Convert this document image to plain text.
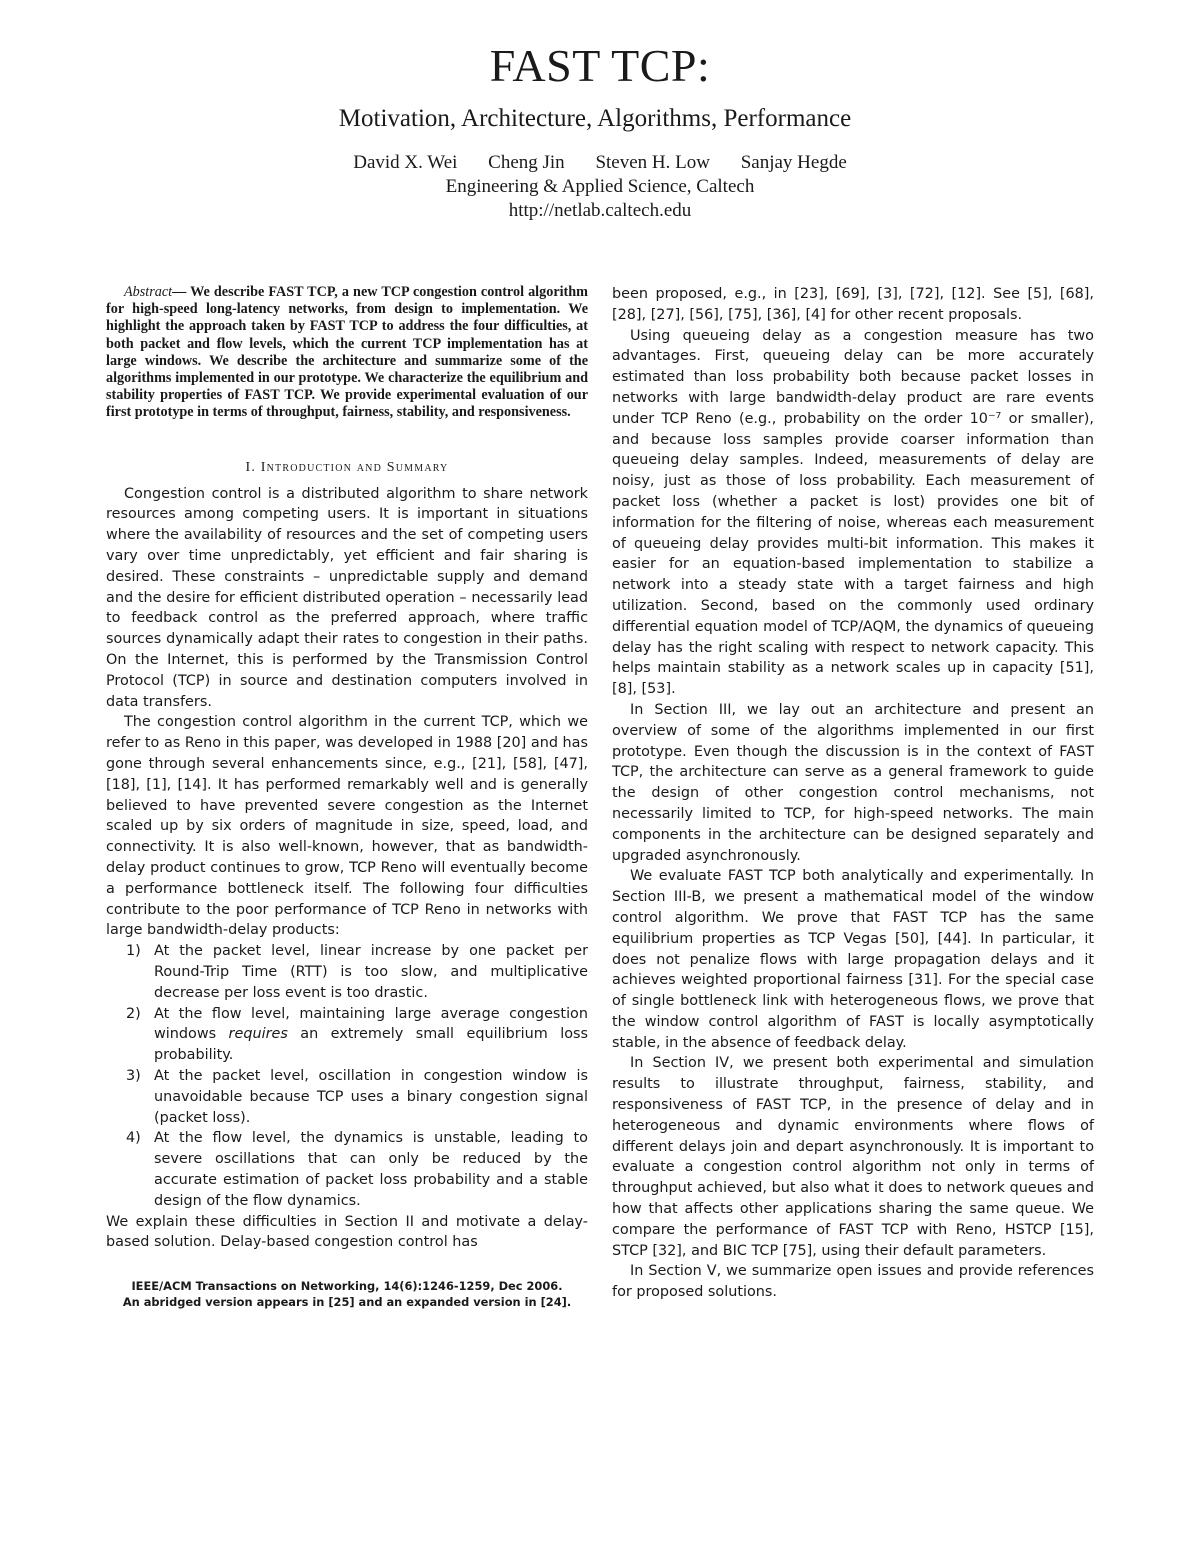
FAST TCP:
Motivation, Architecture, Algorithms, Performance
David X. Wei Cheng Jin Steven H. Low Sanjay Hegde
Engineering & Applied Science, Caltech
http://netlab.caltech.edu

Abstract— We describe FAST TCP, a new TCP congestion control algorithm for high-speed long-latency networks, from design to implementation. We highlight the approach taken by FAST TCP to address the four difficulties, at both packet and flow levels, which the current TCP implementation has at large windows. We describe the architecture and summarize some of the algorithms implemented in our prototype. We characterize the equilibrium and stability properties of FAST TCP. We provide experimental evaluation of our first prototype in terms of throughput, fairness, stability, and responsiveness.

I. Introduction and Summary

Congestion control is a distributed algorithm to share network resources among competing users. It is important in situations where the availability of resources and the set of competing users vary over time unpredictably, yet efficient and fair sharing is desired. These constraints – unpredictable supply and demand and the desire for efficient distributed operation – necessarily lead to feedback control as the preferred approach, where traffic sources dynamically adapt their rates to congestion in their paths. On the Internet, this is performed by the Transmission Control Protocol (TCP) in source and destination computers involved in data transfers.

The congestion control algorithm in the current TCP, which we refer to as Reno in this paper, was developed in 1988 [20] and has gone through several enhancements since, e.g., [21], [58], [47], [18], [1], [14]. It has performed remarkably well and is generally believed to have prevented severe congestion as the Internet scaled up by six orders of magnitude in size, speed, load, and connectivity. It is also well-known, however, that as bandwidth-delay product continues to grow, TCP Reno will eventually become a performance bottleneck itself. The following four difficulties contribute to the poor performance of TCP Reno in networks with large bandwidth-delay products:

1) At the packet level, linear increase by one packet per Round-Trip Time (RTT) is too slow, and multiplicative decrease per loss event is too drastic.
2) At the flow level, maintaining large average congestion windows requires an extremely small equilibrium loss probability.
3) At the packet level, oscillation in congestion window is unavoidable because TCP uses a binary congestion signal (packet loss).
4) At the flow level, the dynamics is unstable, leading to severe oscillations that can only be reduced by the accurate estimation of packet loss probability and a stable design of the flow dynamics.

We explain these difficulties in Section II and motivate a delay-based solution. Delay-based congestion control has

IEEE/ACM Transactions on Networking, 14(6):1246-1259, Dec 2006.
An abridged version appears in [25] and an expanded version in [24].

been proposed, e.g., in [23], [69], [3], [72], [12]. See [5], [68], [28], [27], [56], [75], [36], [4] for other recent proposals.

Using queueing delay as a congestion measure has two advantages. First, queueing delay can be more accurately estimated than loss probability both because packet losses in networks with large bandwidth-delay product are rare events under TCP Reno (e.g., probability on the order 10⁻⁷ or smaller), and because loss samples provide coarser information than queueing delay samples. Indeed, measurements of delay are noisy, just as those of loss probability. Each measurement of packet loss (whether a packet is lost) provides one bit of information for the filtering of noise, whereas each measurement of queueing delay provides multi-bit information. This makes it easier for an equation-based implementation to stabilize a network into a steady state with a target fairness and high utilization. Second, based on the commonly used ordinary differential equation model of TCP/AQM, the dynamics of queueing delay has the right scaling with respect to network capacity. This helps maintain stability as a network scales up in capacity [51], [8], [53].

In Section III, we lay out an architecture and present an overview of some of the algorithms implemented in our first prototype. Even though the discussion is in the context of FAST TCP, the architecture can serve as a general framework to guide the design of other congestion control mechanisms, not necessarily limited to TCP, for high-speed networks. The main components in the architecture can be designed separately and upgraded asynchronously.

We evaluate FAST TCP both analytically and experimentally. In Section III-B, we present a mathematical model of the window control algorithm. We prove that FAST TCP has the same equilibrium properties as TCP Vegas [50], [44]. In particular, it does not penalize flows with large propagation delays and it achieves weighted proportional fairness [31]. For the special case of single bottleneck link with heterogeneous flows, we prove that the window control algorithm of FAST is locally asymptotically stable, in the absence of feedback delay.

In Section IV, we present both experimental and simulation results to illustrate throughput, fairness, stability, and responsiveness of FAST TCP, in the presence of delay and in heterogeneous and dynamic environments where flows of different delays join and depart asynchronously. It is important to evaluate a congestion control algorithm not only in terms of throughput achieved, but also what it does to network queues and how that affects other applications sharing the same queue. We compare the performance of FAST TCP with Reno, HSTCP [15], STCP [32], and BIC TCP [75], using their default parameters.

In Section V, we summarize open issues and provide references for proposed solutions.
